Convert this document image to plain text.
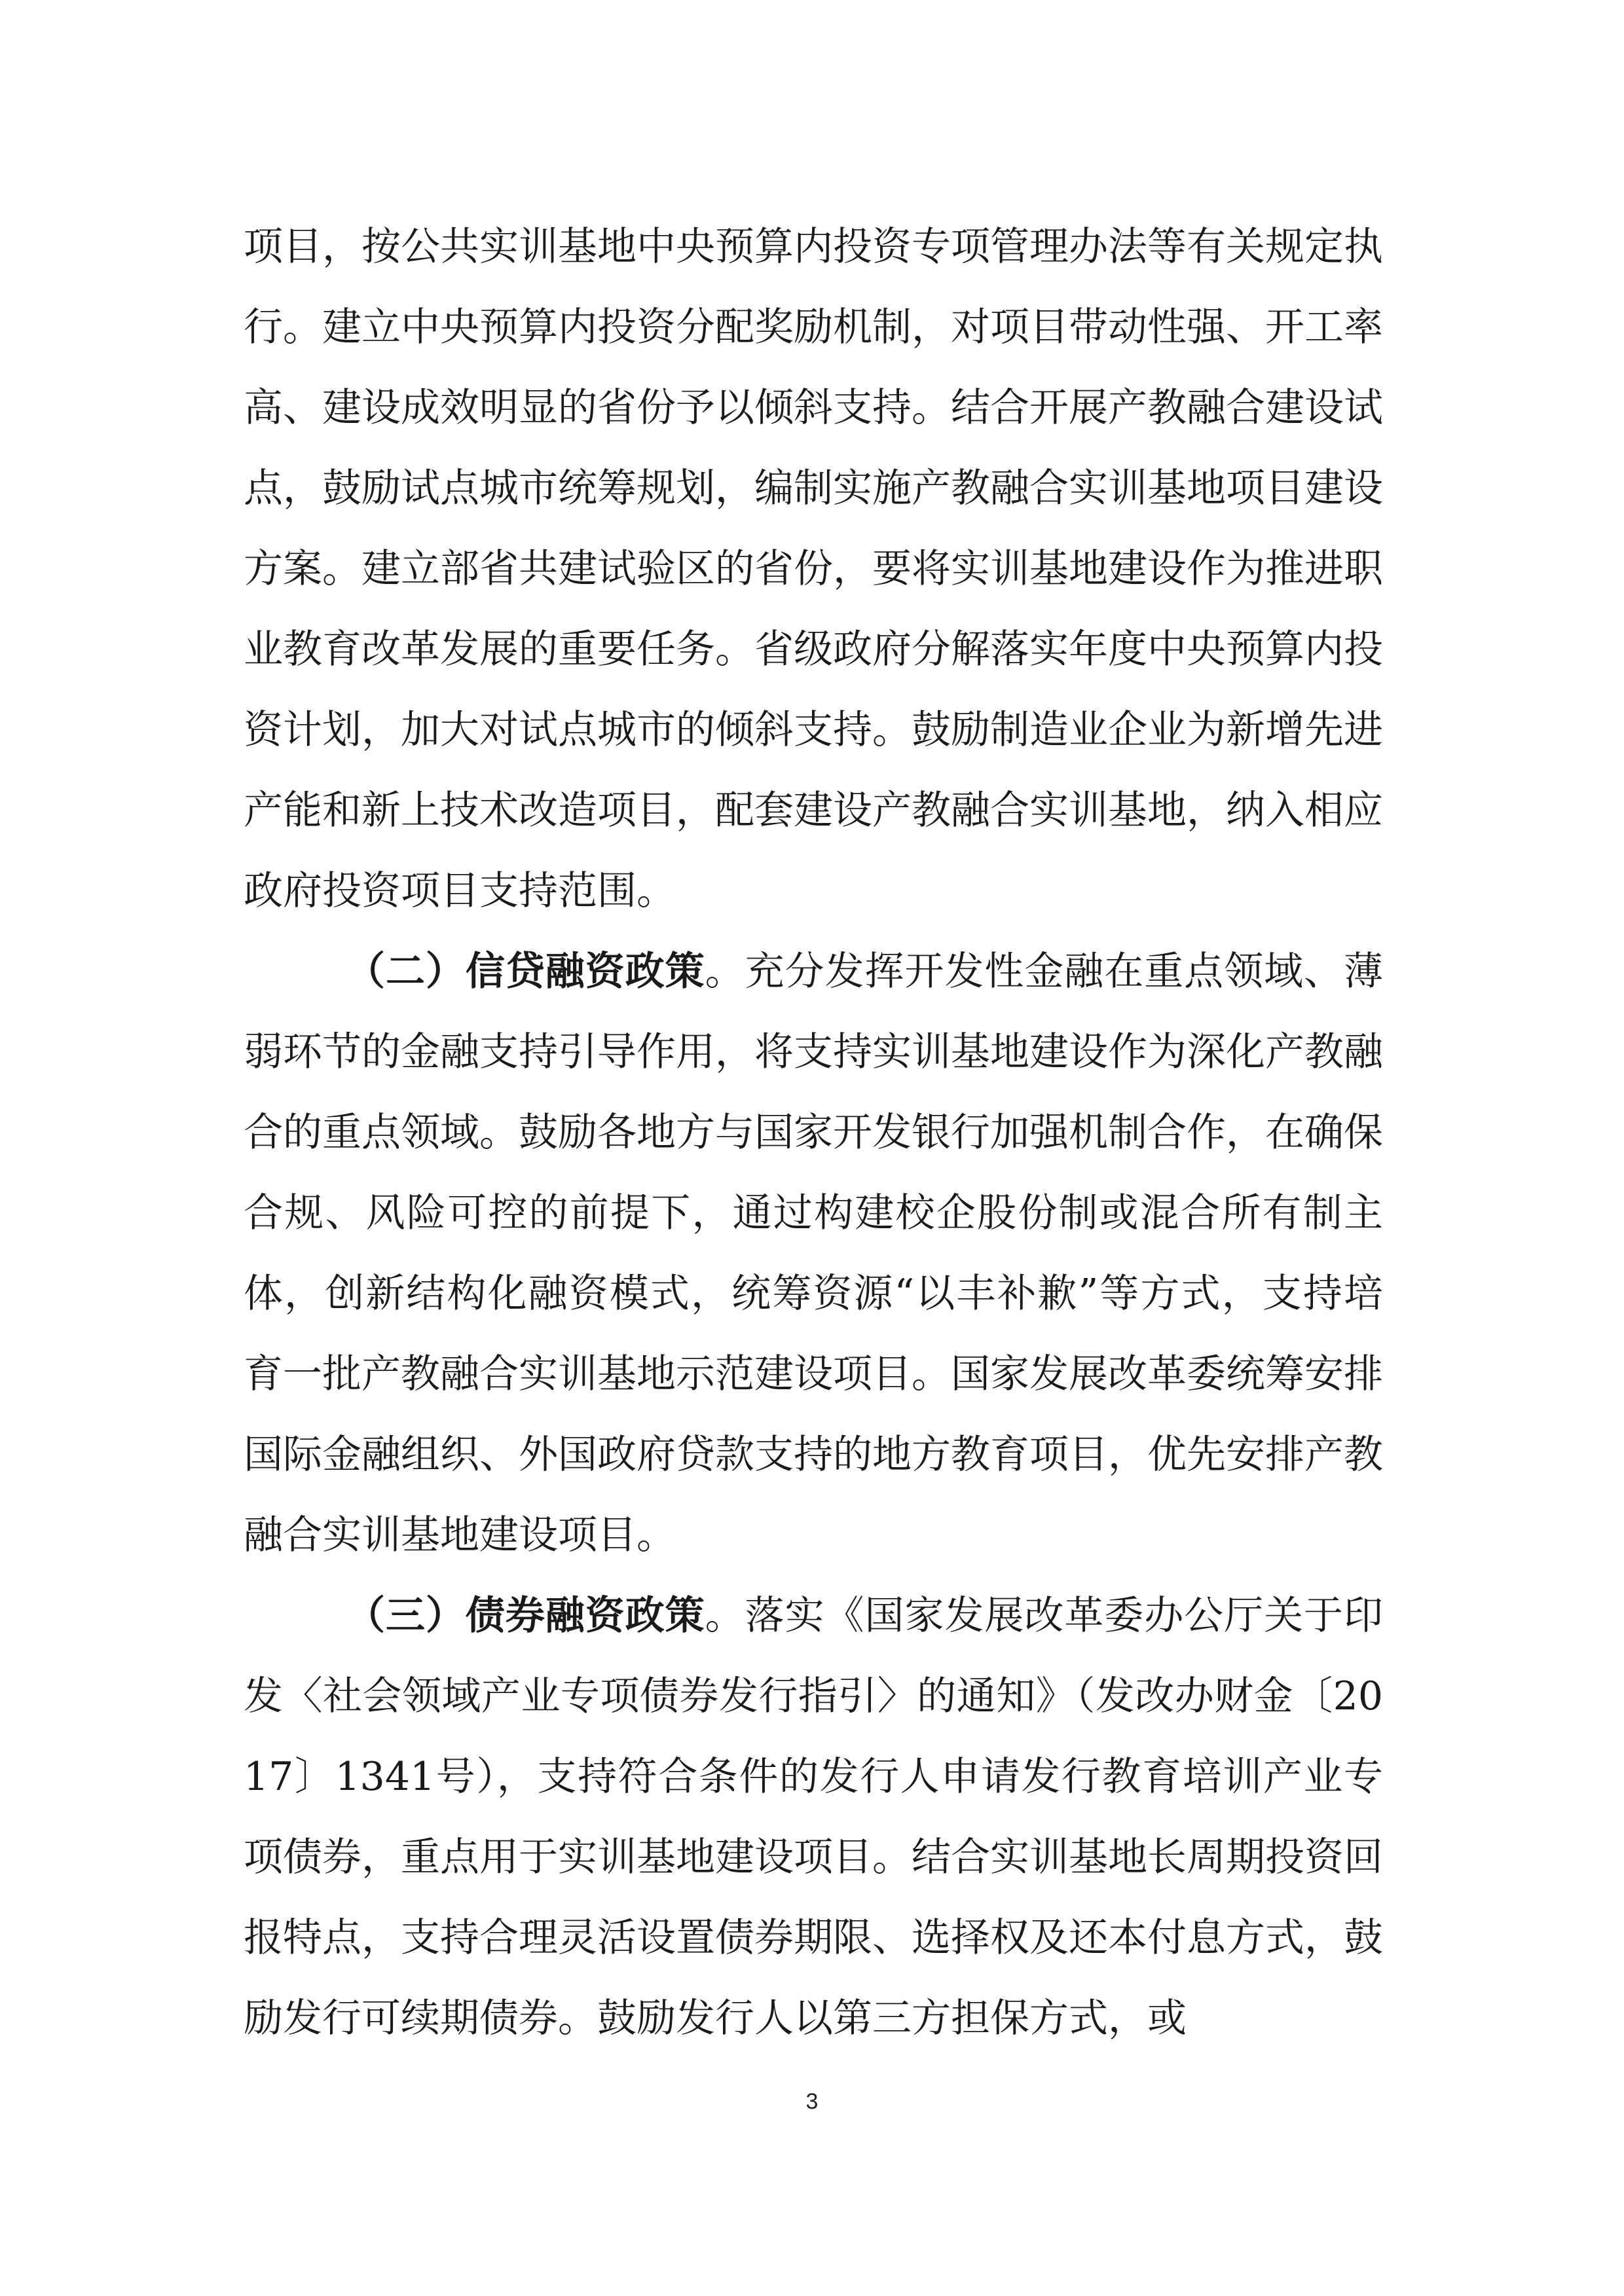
项目，按公共实训基地中央预算内投资专项管理办法等有关规定执行。建立中央预算内投资分配奖励机制，对项目带动性强、开工率高、建设成效明显的省份予以倾斜支持。结合开展产教融合建设试点，鼓励试点城市统筹规划，编制实施产教融合实训基地项目建设方案。建立部省共建试验区的省份，要将实训基地建设作为推进职业教育改革发展的重要任务。省级政府分解落实年度中央预算内投资计划，加大对试点城市的倾斜支持。鼓励制造业企业为新增先进产能和新上技术改造项目，配套建设产教融合实训基地，纳入相应政府投资项目支持范围。

（二）信贷融资政策。充分发挥开发性金融在重点领域、薄弱环节的金融支持引导作用，将支持实训基地建设作为深化产教融合的重点领域。鼓励各地方与国家开发银行加强机制合作，在确保合规、风险可控的前提下，通过构建校企股份制或混合所有制主体，创新结构化融资模式，统筹资源“以丰补歉”等方式，支持培育一批产教融合实训基地示范建设项目。国家发展改革委统筹安排国际金融组织、外国政府贷款支持的地方教育项目，优先安排产教融合实训基地建设项目。

（三）债券融资政策。落实《国家发展改革委办公厅关于印发〈社会领域产业专项债券发行指引〉的通知》（发改办财金〔2017〕1341号），支持符合条件的发行人申请发行教育培训产业专项债券，重点用于实训基地建设项目。结合实训基地长周期投资回报特点，支持合理灵活设置债券期限、选择权及还本付息方式，鼓励发行可续期债券。鼓励发行人以第三方担保方式，或

3
